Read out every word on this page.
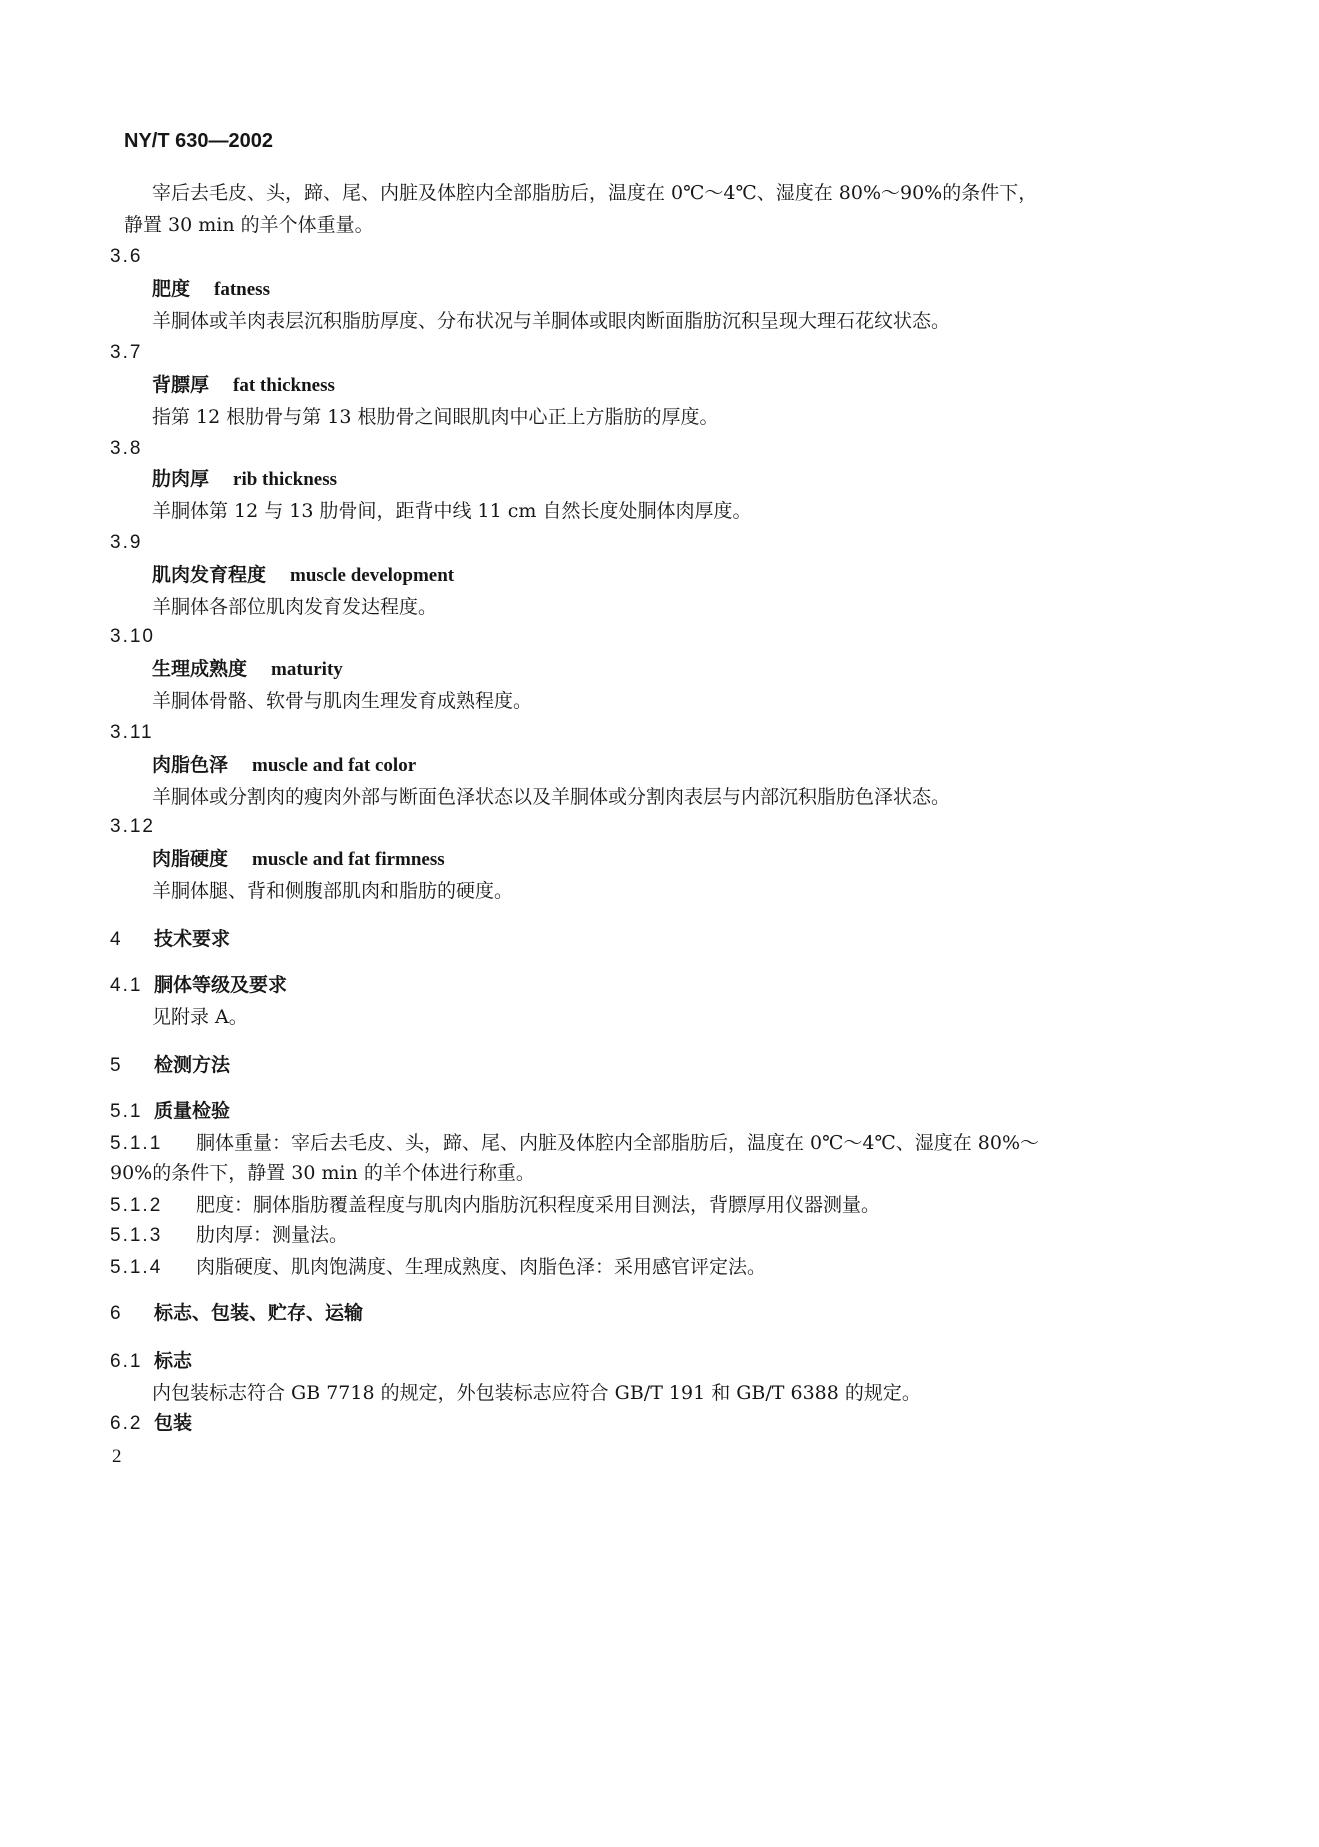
NY/T 630—2002

宰后去毛皮、头，蹄、尾、内脏及体腔内全部脂肪后，温度在 0℃～4℃、湿度在 80%～90%的条件下，

静置 30 min 的羊个体重量。

3.6

肥度 fatness

羊胴体或羊肉表层沉积脂肪厚度、分布状况与羊胴体或眼肉断面脂肪沉积呈现大理石花纹状态。

3.7

背膘厚 fat thickness

指第 12 根肋骨与第 13 根肋骨之间眼肌肉中心正上方脂肪的厚度。

3.8

肋肉厚 rib thickness

羊胴体第 12 与 13 肋骨间，距背中线 11 cm 自然长度处胴体肉厚度。

3.9

肌肉发育程度 muscle development

羊胴体各部位肌肉发育发达程度。

3.10

生理成熟度 maturity

羊胴体骨骼、软骨与肌肉生理发育成熟程度。

3.11

肉脂色泽 muscle and fat color

羊胴体或分割肉的瘦肉外部与断面色泽状态以及羊胴体或分割肉表层与内部沉积脂肪色泽状态。

3.12

肉脂硬度 muscle and fat firmness

羊胴体腿、背和侧腹部肌肉和脂肪的硬度。

4 技术要求

4.1 胴体等级及要求

见附录 A。

5 检测方法

5.1 质量检验

5.1.1 胴体重量：宰后去毛皮、头，蹄、尾、内脏及体腔内全部脂肪后，温度在 0℃～4℃、湿度在 80%～

90%的条件下，静置 30 min 的羊个体进行称重。

5.1.2 肥度：胴体脂肪覆盖程度与肌肉内脂肪沉积程度采用目测法，背膘厚用仪器测量。

5.1.3 肋肉厚：测量法。

5.1.4 肉脂硬度、肌肉饱满度、生理成熟度、肉脂色泽：采用感官评定法。

6 标志、包装、贮存、运输

6.1 标志

内包装标志符合 GB 7718 的规定，外包装标志应符合 GB/T 191 和 GB/T 6388 的规定。

6.2 包装

2
